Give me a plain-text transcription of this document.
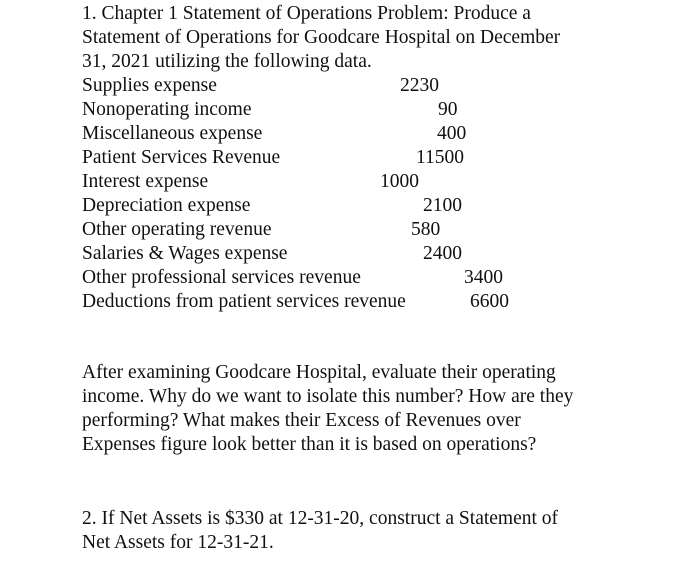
1. Chapter 1 Statement of Operations Problem: Produce a
Statement of Operations for Goodcare Hospital on December
31, 2021 utilizing the following data.
Supplies expense	2230
Nonoperating income	90
Miscellaneous expense	400
Patient Services Revenue	11500
Interest expense	1000
Depreciation expense	2100
Other operating revenue	580
Salaries & Wages expense	2400
Other professional services revenue	3400
Deductions from patient services revenue	6600
After examining Goodcare Hospital, evaluate their operating
income. Why do we want to isolate this number? How are they
performing? What makes their Excess of Revenues over
Expenses figure look better than it is based on operations?
2. If Net Assets is $330 at 12-31-20, construct a Statement of
Net Assets for 12-31-21.
